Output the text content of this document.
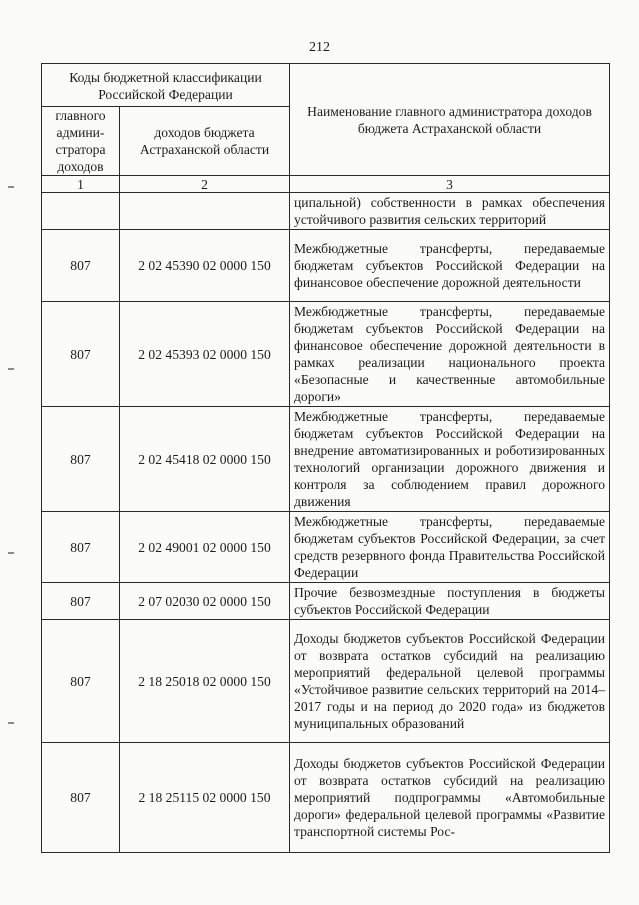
212
Коды бюджетной классификации Российской Федерации		Наименование главного администратора доходов бюджета Астраханской области
главного админи-стратора доходов	доходов бюджета Астраханской области	
1	2	3
		ципальной) собственности в рамках обеспечения устойчивого развития сельских территорий
807	2 02 45390 02 0000 150	Межбюджетные трансферты, передаваемые бюджетам субъектов Российской Федерации на финансовое обеспечение дорожной деятельности
807	2 02 45393 02 0000 150	Межбюджетные трансферты, передаваемые бюджетам субъектов Российской Федерации на финансовое обеспечение дорожной деятельности в рамках реализации национального проекта «Безопасные и качественные автомобильные дороги»
807	2 02 45418 02 0000 150	Межбюджетные трансферты, передаваемые бюджетам субъектов Российской Федерации на внедрение автоматизированных и роботизированных технологий организации дорожного движения и контроля за соблюдением правил дорожного движения
807	2 02 49001 02 0000 150	Межбюджетные трансферты, передаваемые бюджетам субъектов Российской Федерации, за счет средств резервного фонда Правительства Российской Федерации
807	2 07 02030 02 0000 150	Прочие безвозмездные поступления в бюджеты субъектов Российской Федерации
807	2 18 25018 02 0000 150	Доходы бюджетов субъектов Российской Федерации от возврата остатков субсидий на реализацию мероприятий федеральной целевой программы «Устойчивое развитие сельских территорий на 2014–2017 годы и на период до 2020 года» из бюджетов муниципальных образований
807	2 18 25115 02 0000 150	Доходы бюджетов субъектов Российской Федерации от возврата остатков субсидий на реализацию мероприятий подпрограммы «Автомобильные дороги» федеральной целевой программы «Развитие транспортной системы Рос-
